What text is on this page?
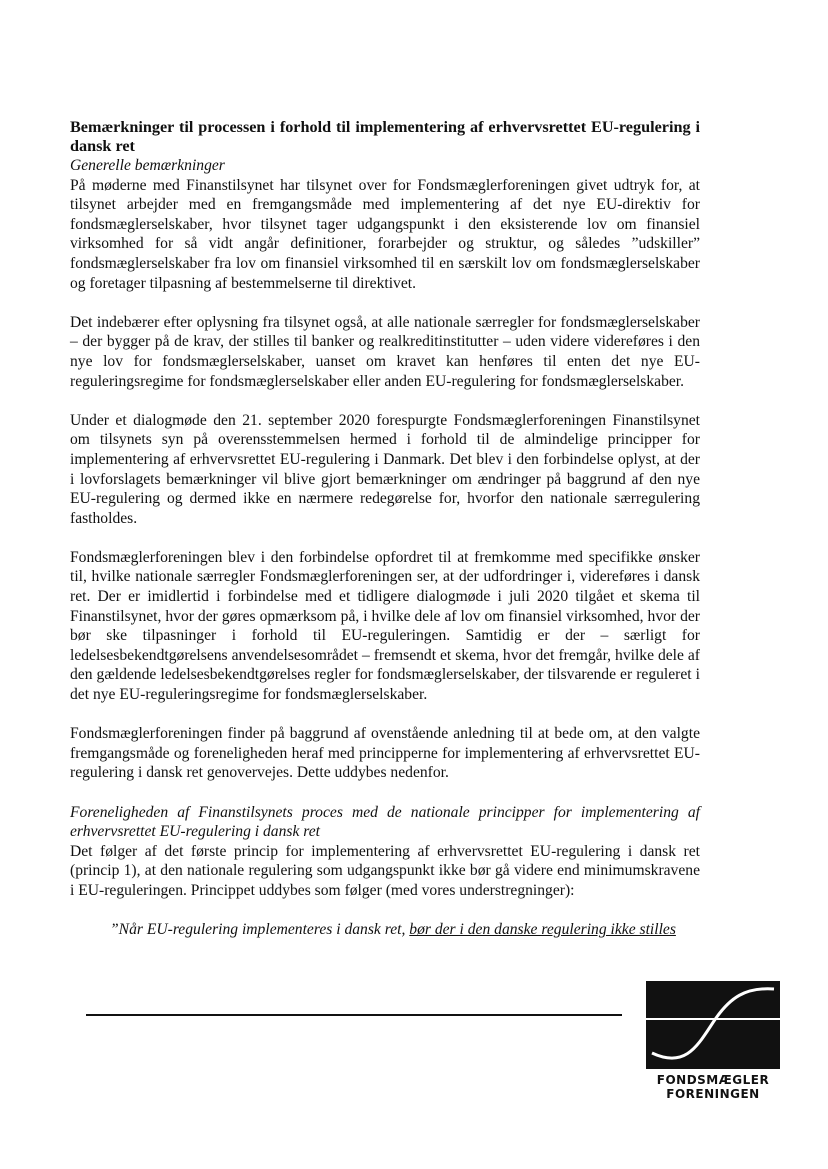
Bemærkninger til processen i forhold til implementering af erhvervsrettet EU-regulering i dansk ret

Generelle bemærkninger

På møderne med Finanstilsynet har tilsynet over for Fondsmæglerforeningen givet udtryk for, at tilsynet arbejder med en fremgangsmåde med implementering af det nye EU-direktiv for fondsmæglerselskaber, hvor tilsynet tager udgangspunkt i den eksisterende lov om finansiel virksomhed for så vidt angår definitioner, forarbejder og struktur, og således ”udskiller” fondsmæglerselskaber fra lov om finansiel virksomhed til en særskilt lov om fondsmæglerselskaber og foretager tilpasning af bestemmelserne til direktivet.

Det indebærer efter oplysning fra tilsynet også, at alle nationale særregler for fondsmæglerselskaber – der bygger på de krav, der stilles til banker og realkreditinstitutter – uden videre videreføres i den nye lov for fondsmæglerselskaber, uanset om kravet kan henføres til enten det nye EU-reguleringsregime for fondsmæglerselskaber eller anden EU-regulering for fondsmæglerselskaber.

Under et dialogmøde den 21. september 2020 forespurgte Fondsmæglerforeningen Finanstilsynet om tilsynets syn på overensstemmelsen hermed i forhold til de almindelige principper for implementering af erhvervsrettet EU-regulering i Danmark. Det blev i den forbindelse oplyst, at der i lovforslagets bemærkninger vil blive gjort bemærkninger om ændringer på baggrund af den nye EU-regulering og dermed ikke en nærmere redegørelse for, hvorfor den nationale særregulering fastholdes.

Fondsmæglerforeningen blev i den forbindelse opfordret til at fremkomme med specifikke ønsker til, hvilke nationale særregler Fondsmæglerforeningen ser, at der udfordringer i, videreføres i dansk ret. Der er imidlertid i forbindelse med et tidligere dialogmøde i juli 2020 tilgået et skema til Finanstilsynet, hvor der gøres opmærksom på, i hvilke dele af lov om finansiel virksomhed, hvor der bør ske tilpasninger i forhold til EU-reguleringen. Samtidig er der – særligt for ledelsesbekendtgørelsens anvendelsesområdet – fremsendt et skema, hvor det fremgår, hvilke dele af den gældende ledelsesbekendtgørelses regler for fondsmæglerselskaber, der tilsvarende er reguleret i det nye EU-reguleringsregime for fondsmæglerselskaber.

Fondsmæglerforeningen finder på baggrund af ovenstående anledning til at bede om, at den valgte fremgangsmåde og foreneligheden heraf med principperne for implementering af erhvervsrettet EU-regulering i dansk ret genovervejes. Dette uddybes nedenfor.

Foreneligheden af Finanstilsynets proces med de nationale principper for implementering af erhvervsrettet EU-regulering i dansk ret

Det følger af det første princip for implementering af erhvervsrettet EU-regulering i dansk ret (princip 1), at den nationale regulering som udgangspunkt ikke bør gå videre end minimumskravene i EU-reguleringen. Princippet uddybes som følger (med vores understregninger):

”Når EU-regulering implementeres i dansk ret, bør der i den danske regulering ikke stilles

FONDSMÆGLER
FORENINGEN
